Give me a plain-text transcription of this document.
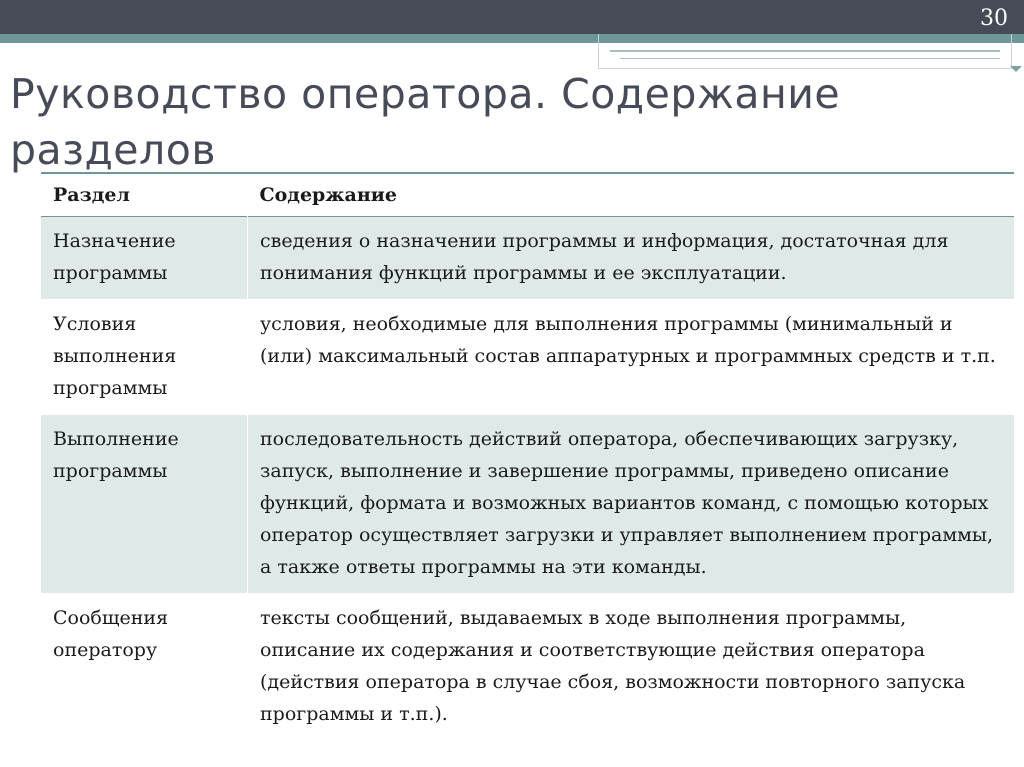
30
Руководство оператора. Содержание разделов
Раздел	Содержание
Назначение программы	сведения о назначении программы и информация, достаточная для понимания функций программы и ее эксплуатации.
Условия выполнения программы	условия, необходимые для выполнения программы (минимальный и (или) максимальный состав аппаратурных и программных средств и т.п.
Выполнение программы	последовательность действий оператора, обеспечивающих загрузку, запуск, выполнение и завершение программы, приведено описание функций, формата и возможных вариантов команд, с помощью которых оператор осуществляет загрузки и управляет выполнением программы, а также ответы программы на эти команды.
Сообщения оператору	тексты сообщений, выдаваемых в ходе выполнения программы, описание их содержания и соответствующие действия оператора (действия оператора в случае сбоя, возможности повторного запуска программы и т.п.).
